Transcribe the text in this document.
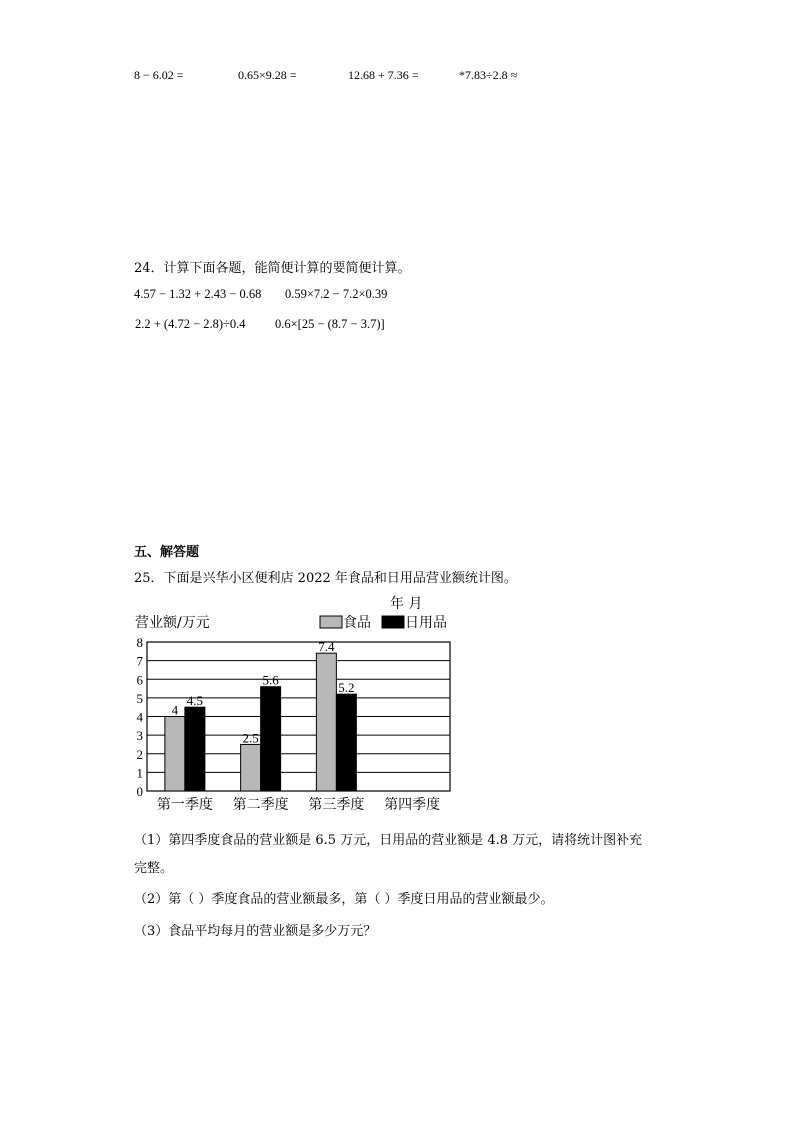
8 − 6.02 =	0.65×9.28 =	12.68 + 7.36 =	*7.83÷2.8 ≈
24．计算下面各题，能简便计算的要简便计算。
4.57 − 1.32 + 2.43 − 0.68 0.59×7.2 − 7.2×0.39
2.2 + (4.72 − 2.8)÷0.4 0.6×[25 − (8.7 − 3.7)]
五、解答题
25．下面是兴华小区便利店 2022 年食品和日用品营业额统计图。
年 月
营业额/万元	食品 日用品
0
1
2
3
4
5
6
7
8
4
4.5
第一季度
2.5
5.6
第二季度
7.4
5.2
第三季度 第四季度
（1）第四季度食品的营业额是 6.5 万元，日用品的营业额是 4.8 万元，请将统计图补充
完整。
（2）第（ ）季度食品的营业额最多，第（ ）季度日用品的营业额最少。
（3）食品平均每月的营业额是多少万元？
